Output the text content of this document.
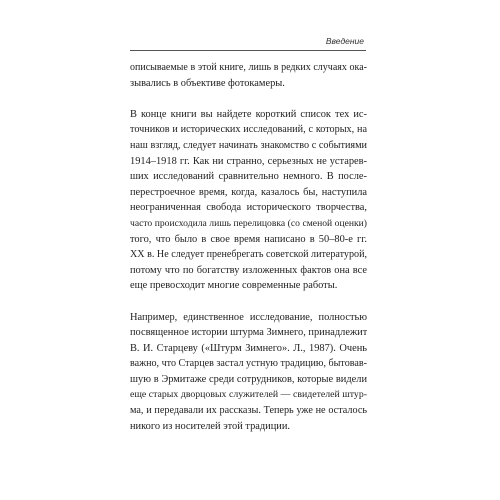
Введение
описываемые в этой книге, лишь в редких случаях ока-
зывались в объективе фотокамеры.
В конце книги вы найдете короткий список тех ис-
точников и исторических исследований, с которых, на
наш взгляд, следует начинать знакомство с событиями
1914–1918 гг. Как ни странно, серьезных не устарев-
ших исследований сравнительно немного. В после-
перестроечное время, когда, казалось бы, наступила
неограниченная свобода исторического творчества,
часто происходила лишь перелицовка (со сменой оценки)
того, что было в свое время написано в 50–80-е гг.
XX в. Не следует пренебрегать советской литературой,
потому что по богатству изложенных фактов она все
еще превосходит многие современные работы.
Например, единственное исследование, полностью
посвященное истории штурма Зимнего, принадлежит
В. И. Старцеву («Штурм Зимнего». Л., 1987). Очень
важно, что Старцев застал устную традицию, бытовав-
шую в Эрмитаже среди сотрудников, которые видели
еще старых дворцовых служителей — свидетелей штур-
ма, и передавали их рассказы. Теперь уже не осталось
никого из носителей этой традиции.
